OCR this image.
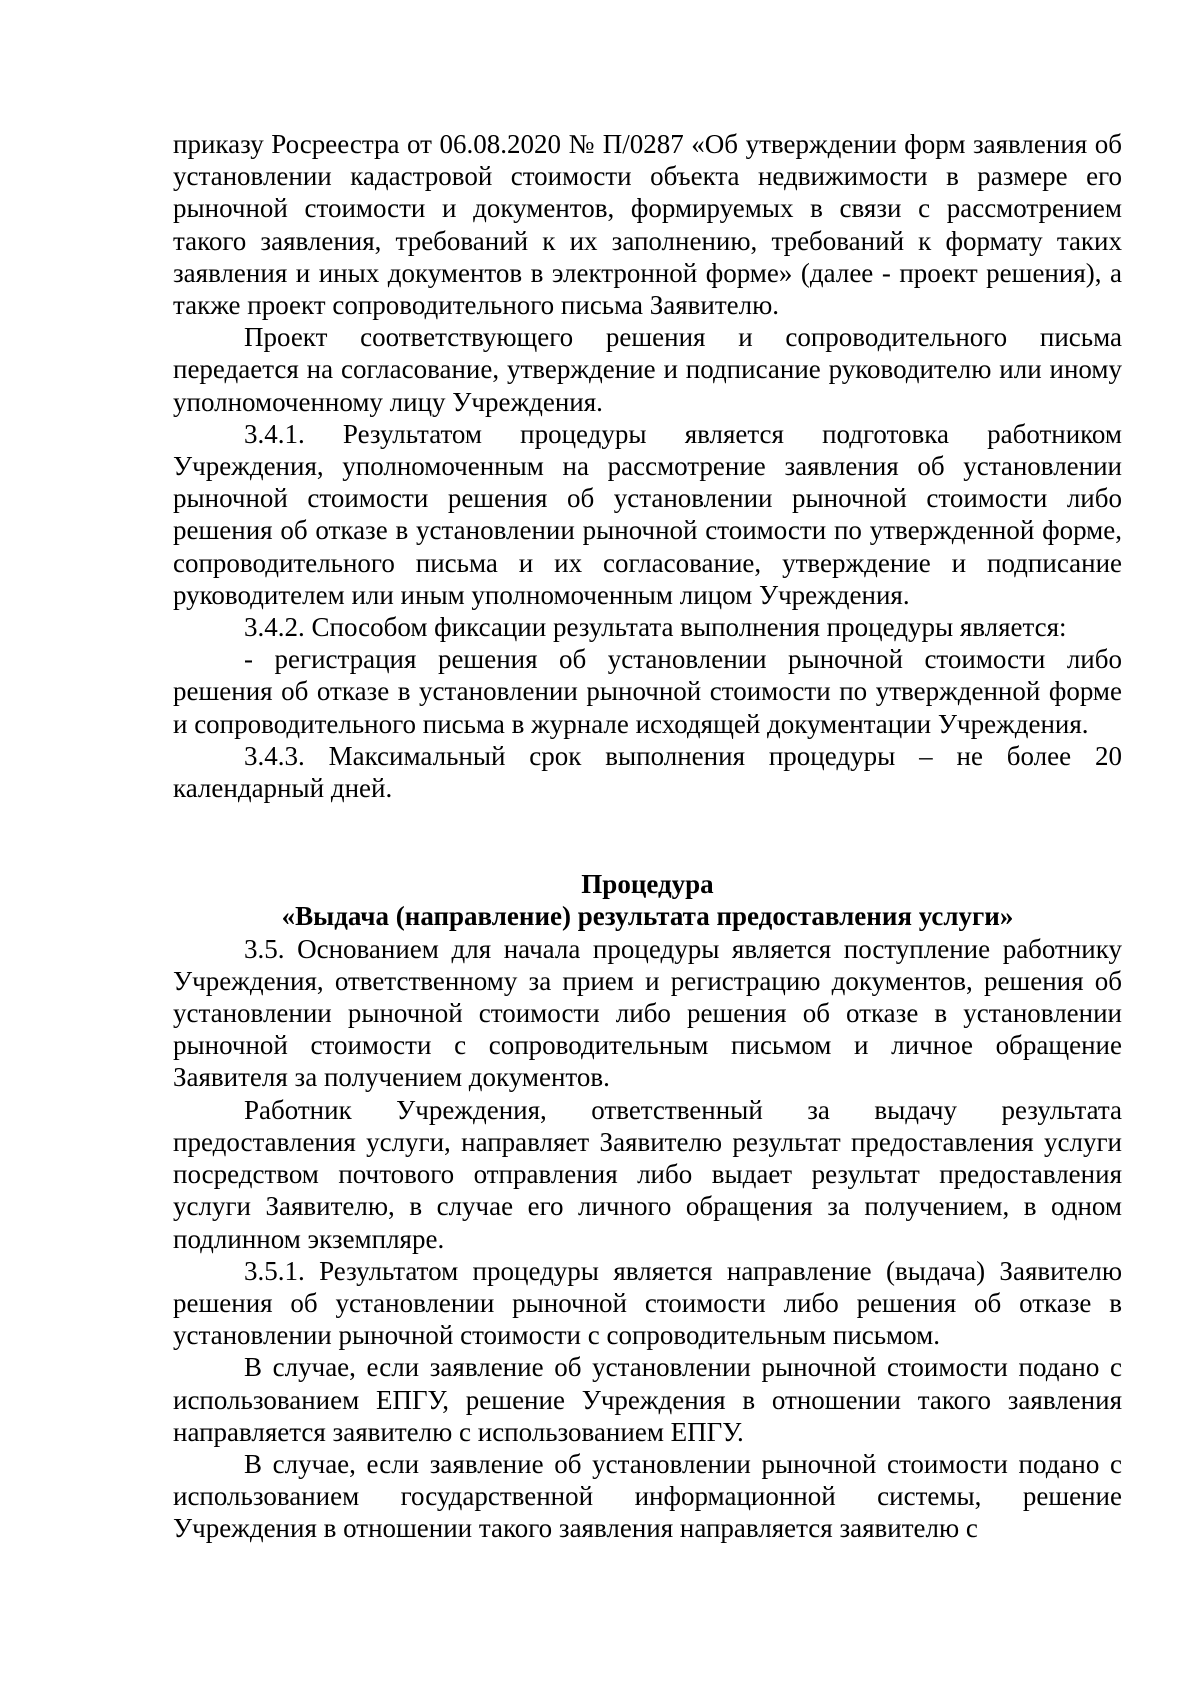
приказу Росреестра от 06.08.2020 № П/0287 «Об утверждении форм заявления об установлении кадастровой стоимости объекта недвижимости в размере его рыночной стоимости и документов, формируемых в связи с рассмотрением такого заявления, требований к их заполнению, требований к формату таких заявления и иных документов в электронной форме» (далее - проект решения), а также проект сопроводительного письма Заявителю.

Проект соответствующего решения и сопроводительного письма передается на согласование, утверждение и подписание руководителю или иному уполномоченному лицу Учреждения.

3.4.1. Результатом процедуры является подготовка работником Учреждения, уполномоченным на рассмотрение заявления об установлении рыночной стоимости решения об установлении рыночной стоимости либо решения об отказе в установлении рыночной стоимости по утвержденной форме, сопроводительного письма и их согласование, утверждение и подписание руководителем или иным уполномоченным лицом Учреждения.

3.4.2. Способом фиксации результата выполнения процедуры является:

- регистрация решения об установлении рыночной стоимости либо решения об отказе в установлении рыночной стоимости по утвержденной форме и сопроводительного письма в журнале исходящей документации Учреждения.

3.4.3. Максимальный срок выполнения процедуры – не более 20 календарный дней.

Процедура

«Выдача (направление) результата предоставления услуги»

3.5. Основанием для начала процедуры является поступление работнику Учреждения, ответственному за прием и регистрацию документов, решения об установлении рыночной стоимости либо решения об отказе в установлении рыночной стоимости с сопроводительным письмом и личное обращение Заявителя за получением документов.

Работник Учреждения, ответственный за выдачу результата предоставления услуги, направляет Заявителю результат предоставления услуги посредством почтового отправления либо выдает результат предоставления услуги Заявителю, в случае его личного обращения за получением, в одном подлинном экземпляре.

3.5.1. Результатом процедуры является направление (выдача) Заявителю решения об установлении рыночной стоимости либо решения об отказе в установлении рыночной стоимости с сопроводительным письмом.

В случае, если заявление об установлении рыночной стоимости подано с использованием ЕПГУ, решение Учреждения в отношении такого заявления направляется заявителю с использованием ЕПГУ.

В случае, если заявление об установлении рыночной стоимости подано с использованием государственной информационной системы, решение Учреждения в отношении такого заявления направляется заявителю с
